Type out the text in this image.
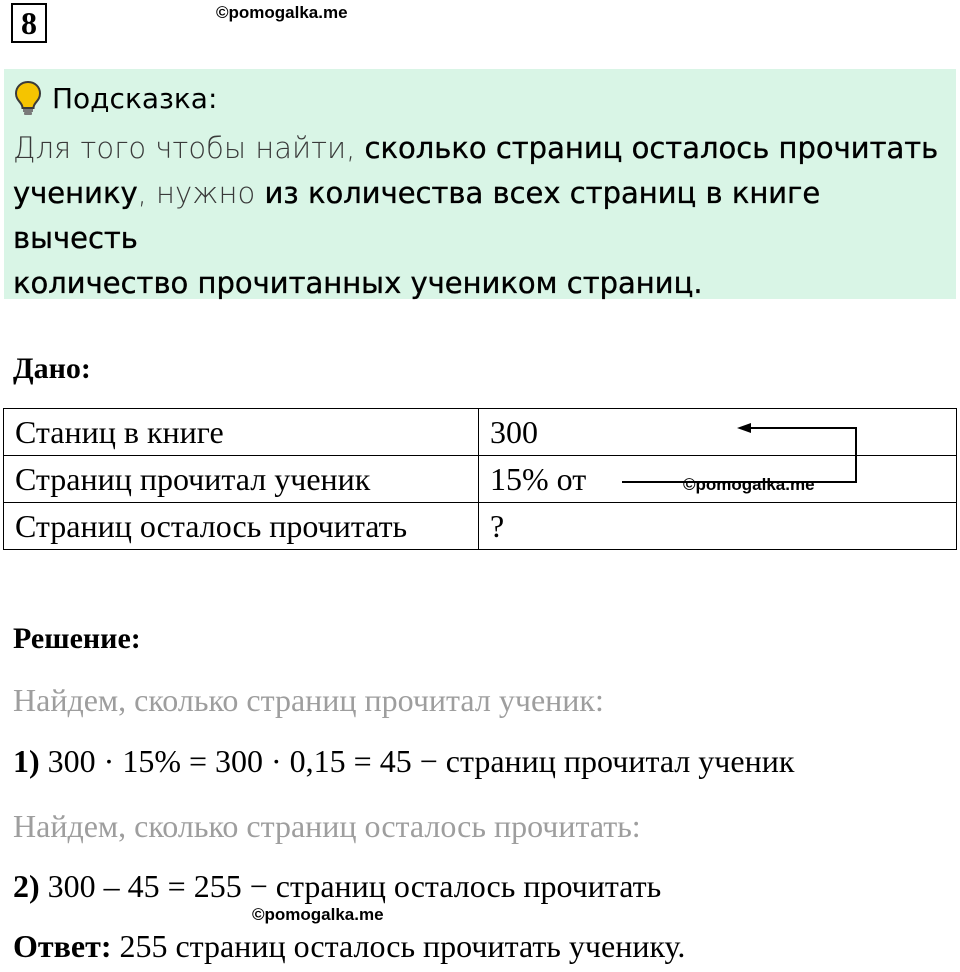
8	©pomogalka.me
Подсказка:
Для того чтобы найти, сколько страниц осталось прочитать
ученику, нужно из количества всех страниц в книге вычесть
количество прочитанных учеником страниц.
Дано:
Станиц в книге	300
Страниц прочитал ученик	15% от
Страниц осталось прочитать	?
©pomogalka.me
Решение:
Найдем, сколько страниц прочитал ученик:
1) 300 · 15% = 300 · 0,15 = 45 − страниц прочитал ученик
Найдем, сколько страниц осталось прочитать:
2) 300 – 45 = 255 − страниц осталось прочитать
©pomogalka.me
Ответ: 255 страниц осталось прочитать ученику.
